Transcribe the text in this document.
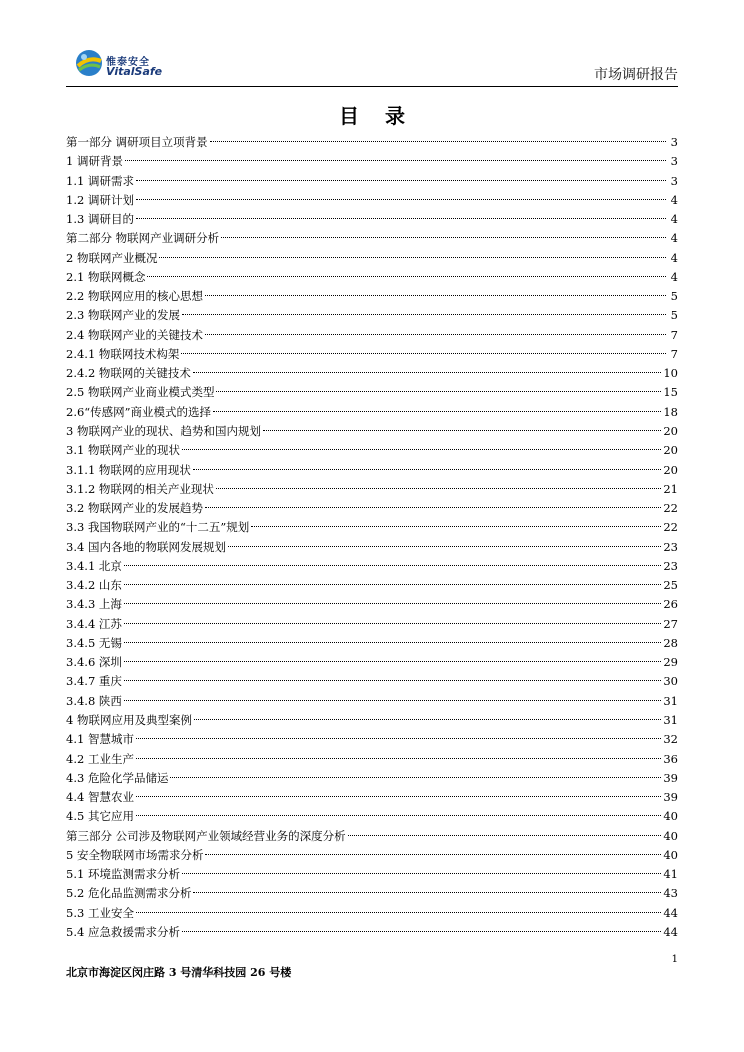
惟泰安全
VitalSafe	市场调研报告
目录
第一部分 调研项目立项背景	3
1 调研背景	3
1.1 调研需求	3
1.2 调研计划	4
1.3 调研目的	4
第二部分 物联网产业调研分析	4
2 物联网产业概况	4
2.1 物联网概念	4
2.2 物联网应用的核心思想	5
2.3 物联网产业的发展	5
2.4 物联网产业的关键技术	7
2.4.1 物联网技术构架	7
2.4.2 物联网的关键技术	10
2.5 物联网产业商业模式类型	15
2.6“传感网”商业模式的选择	18
3 物联网产业的现状、趋势和国内规划	20
3.1 物联网产业的现状	20
3.1.1 物联网的应用现状	20
3.1.2 物联网的相关产业现状	21
3.2 物联网产业的发展趋势	22
3.3 我国物联网产业的“十二五”规划	22
3.4 国内各地的物联网发展规划	23
3.4.1 北京	23
3.4.2 山东	25
3.4.3 上海	26
3.4.4 江苏	27
3.4.5 无锡	28
3.4.6 深圳	29
3.4.7 重庆	30
3.4.8 陕西	31
4 物联网应用及典型案例	31
4.1 智慧城市	32
4.2 工业生产	36
4.3 危险化学品储运	39
4.4 智慧农业	39
4.5 其它应用	40
第三部分 公司涉及物联网产业领域经营业务的深度分析	40
5 安全物联网市场需求分析	40
5.1 环境监测需求分析	41
5.2 危化品监测需求分析	43
5.3 工业安全	44
5.4 应急救援需求分析	44
1
北京市海淀区闵庄路 3 号清华科技园 26 号楼
